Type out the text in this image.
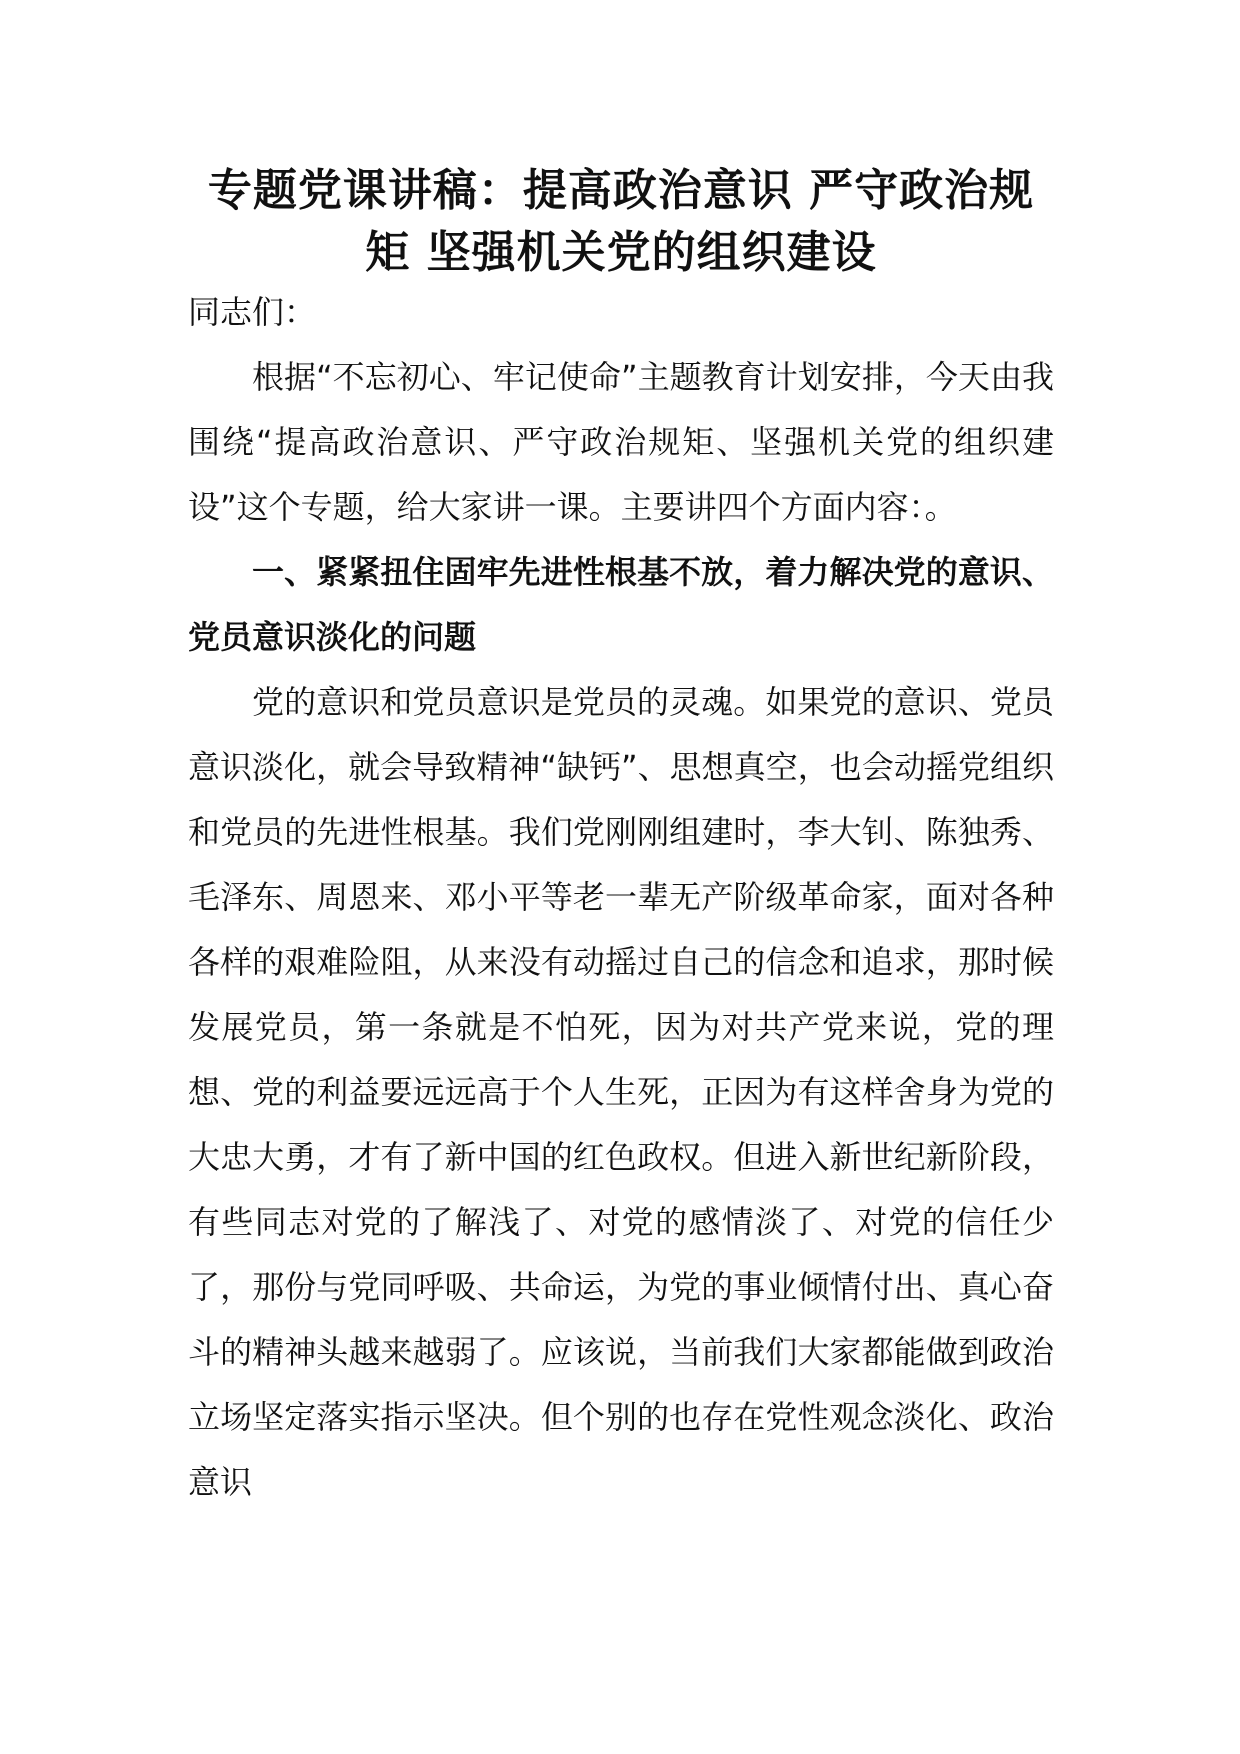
专题党课讲稿：提高政治意识 严守政治规矩 坚强机关党的组织建设

同志们：

根据“不忘初心、牢记使命”主题教育计划安排，今天由我围绕“提高政治意识、严守政治规矩、坚强机关党的组织建设”这个专题，给大家讲一课。主要讲四个方面内容：。

一、紧紧扭住固牢先进性根基不放，着力解决党的意识、党员意识淡化的问题

党的意识和党员意识是党员的灵魂。如果党的意识、党员意识淡化，就会导致精神“缺钙”、思想真空，也会动摇党组织和党员的先进性根基。我们党刚刚组建时，李大钊、陈独秀、毛泽东、周恩来、邓小平等老一辈无产阶级革命家，面对各种各样的艰难险阻，从来没有动摇过自己的信念和追求，那时候发展党员，第一条就是不怕死，因为对共产党来说，党的理想、党的利益要远远高于个人生死，正因为有这样舍身为党的大忠大勇，才有了新中国的红色政权。但进入新世纪新阶段，有些同志对党的了解浅了、对党的感情淡了、对党的信任少了，那份与党同呼吸、共命运，为党的事业倾情付出、真心奋斗的精神头越来越弱了。应该说，当前我们大家都能做到政治立场坚定落实指示坚决。但个别的也存在党性观念淡化、政治意识
